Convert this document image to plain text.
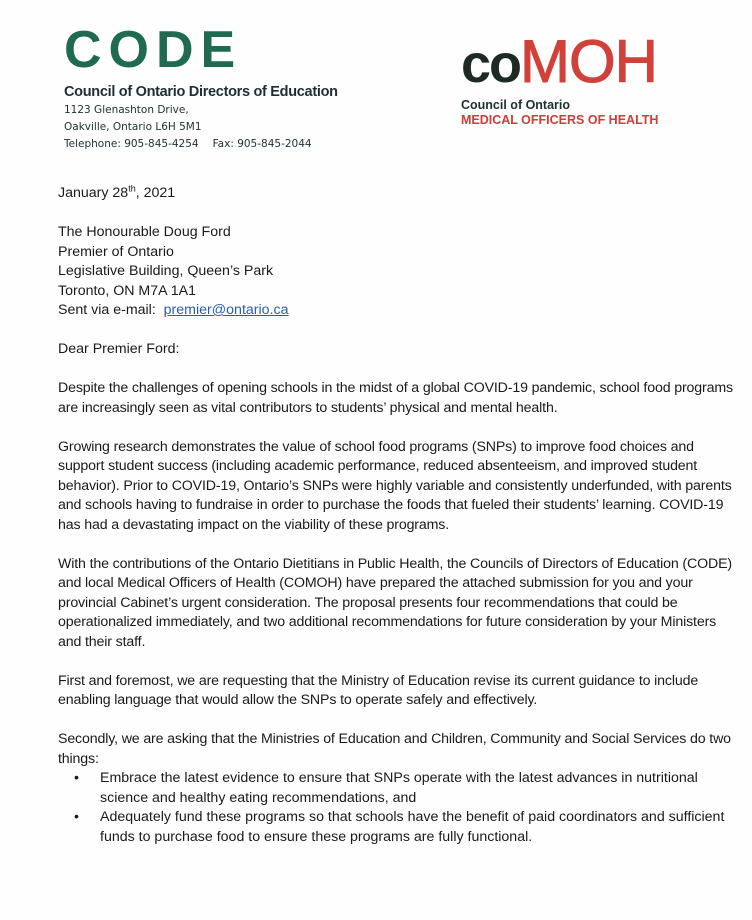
CODE
Council of Ontario Directors of Education
1123 Glenashton Drive,
Oakville, Ontario L6H 5M1
Telephone: 905-845-4254 Fax: 905-845-2044
coMOH
Council of Ontario
MEDICAL OFFICERS OF HEALTH

January 28th, 2021

The Honourable Doug Ford
Premier of Ontario
Legislative Building, Queen’s Park
Toronto, ON M7A 1A1
Sent via e-mail:  premier@ontario.ca

Dear Premier Ford:

Despite the challenges of opening schools in the midst of a global COVID-19 pandemic, school food programs are increasingly seen as vital contributors to students’ physical and mental health.

Growing research demonstrates the value of school food programs (SNPs) to improve food choices and support student success (including academic performance, reduced absenteeism, and improved student behavior). Prior to COVID-19, Ontario’s SNPs were highly variable and consistently underfunded, with parents and schools having to fundraise in order to purchase the foods that fueled their students’ learning. COVID-19 has had a devastating impact on the viability of these programs.

With the contributions of the Ontario Dietitians in Public Health, the Councils of Directors of Education (CODE) and local Medical Officers of Health (COMOH) have prepared the attached submission for you and your provincial Cabinet’s urgent consideration. The proposal presents four recommendations that could be operationalized immediately, and two additional recommendations for future consideration by your Ministers and their staff.

First and foremost, we are requesting that the Ministry of Education revise its current guidance to include enabling language that would allow the SNPs to operate safely and effectively.

Secondly, we are asking that the Ministries of Education and Children, Community and Social Services do two things:

• Embrace the latest evidence to ensure that SNPs operate with the latest advances in nutritional science and healthy eating recommendations, and
• Adequately fund these programs so that schools have the benefit of paid coordinators and sufficient funds to purchase food to ensure these programs are fully functional.
